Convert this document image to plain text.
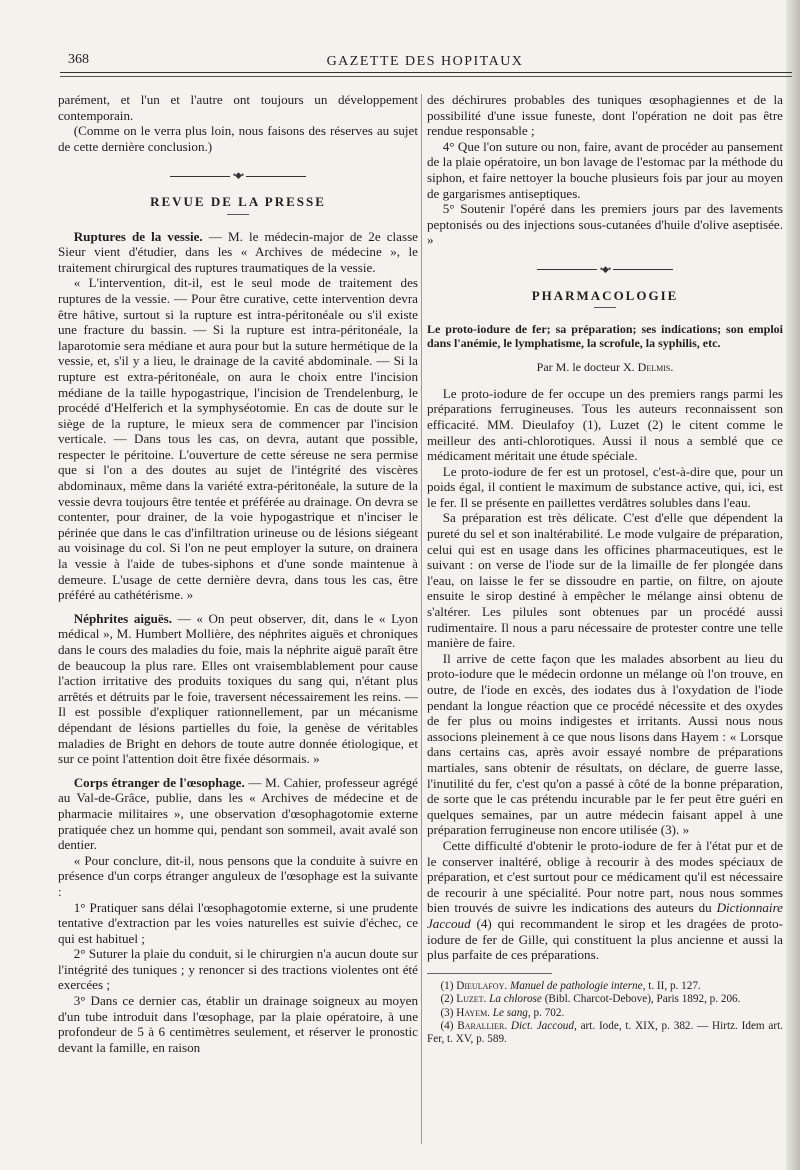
368	GAZETTE DES HOPITAUX

parément, et l'un et l'autre ont toujours un développement contemporain.

(Comme on le verra plus loin, nous faisons des réserves au sujet de cette dernière conclusion.)

•◆•
REVUE DE LA PRESSE

Ruptures de la vessie. — M. le médecin-major de 2e classe Sieur vient d'étudier, dans les « Archives de médecine », le traitement chirurgical des ruptures traumatiques de la vessie.

« L'intervention, dit-il, est le seul mode de traitement des ruptures de la vessie. — Pour être curative, cette intervention devra être hâtive, surtout si la rupture est intra-péritonéale ou s'il existe une fracture du bassin. — Si la rupture est intra-péritonéale, la laparotomie sera médiane et aura pour but la suture hermétique de la vessie, et, s'il y a lieu, le drainage de la cavité abdominale. — Si la rupture est extra-péritonéale, on aura le choix entre l'incision médiane de la taille hypogastrique, l'incision de Trendelenburg, le procédé d'Helferich et la symphyséotomie. En cas de doute sur le siège de la rupture, le mieux sera de commencer par l'incision verticale. — Dans tous les cas, on devra, autant que possible, respecter le péritoine. L'ouverture de cette séreuse ne sera permise que si l'on a des doutes au sujet de l'intégrité des viscères abdominaux, même dans la variété extra-péritonéale, la suture de la vessie devra toujours être tentée et préférée au drainage. On devra se contenter, pour drainer, de la voie hypogastrique et n'inciser le périnée que dans le cas d'infiltration urineuse ou de lésions siégeant au voisinage du col. Si l'on ne peut employer la suture, on drainera la vessie à l'aide de tubes-siphons et d'une sonde maintenue à demeure. L'usage de cette dernière devra, dans tous les cas, être préféré au cathétérisme. »

Néphrites aiguës. — « On peut observer, dit, dans le « Lyon médical », M. Humbert Mollière, des néphrites aiguës et chroniques dans le cours des maladies du foie, mais la néphrite aiguë paraît être de beaucoup la plus rare. Elles ont vraisemblablement pour cause l'action irritative des produits toxiques du sang qui, n'étant plus arrêtés et détruits par le foie, traversent nécessairement les reins. — Il est possible d'expliquer rationnellement, par un mécanisme dépendant de lésions partielles du foie, la genèse de véritables maladies de Bright en dehors de toute autre donnée étiologique, et sur ce point l'attention doit être fixée désormais. »

Corps étranger de l'œsophage. — M. Cahier, professeur agrégé au Val-de-Grâce, publie, dans les « Archives de médecine et de pharmacie militaires », une observation d'œsophagotomie externe pratiquée chez un homme qui, pendant son sommeil, avait avalé son dentier.

« Pour conclure, dit-il, nous pensons que la conduite à suivre en présence d'un corps étranger anguleux de l'œsophage est la suivante :

1° Pratiquer sans délai l'œsophagotomie externe, si une prudente tentative d'extraction par les voies naturelles est suivie d'échec, ce qui est habituel ;

2° Suturer la plaie du conduit, si le chirurgien n'a aucun doute sur l'intégrité des tuniques ; y renoncer si des tractions violentes ont été exercées ;

3° Dans ce dernier cas, établir un drainage soigneux au moyen d'un tube introduit dans l'œsophage, par la plaie opératoire, à une profondeur de 5 à 6 centimètres seulement, et réserver le pronostic devant la famille, en raison

des déchirures probables des tuniques œsophagiennes et de la possibilité d'une issue funeste, dont l'opération ne doit pas être rendue responsable ;

4° Que l'on suture ou non, faire, avant de procéder au pansement de la plaie opératoire, un bon lavage de l'estomac par la méthode du siphon, et faire nettoyer la bouche plusieurs fois par jour au moyen de gargarismes antiseptiques.

5° Soutenir l'opéré dans les premiers jours par des lavements peptonisés ou des injections sous-cutanées d'huile d'olive aseptisée. »

•◆•
PHARMACOLOGIE
Le proto-iodure de fer; sa préparation; ses indications; son emploi dans l'anémie, le lymphatisme, la scrofule, la syphilis, etc.
Par M. le docteur X. Delmis.

Le proto-iodure de fer occupe un des premiers rangs parmi les préparations ferrugineuses. Tous les auteurs reconnaissent son efficacité. MM. Dieulafoy (1), Luzet (2) le citent comme le meilleur des anti-chlorotiques. Aussi il nous a semblé que ce médicament méritait une étude spéciale.

Le proto-iodure de fer est un protosel, c'est-à-dire que, pour un poids égal, il contient le maximum de substance active, qui, ici, est le fer. Il se présente en paillettes verdâtres solubles dans l'eau.

Sa préparation est très délicate. C'est d'elle que dépendent la pureté du sel et son inaltérabilité. Le mode vulgaire de préparation, celui qui est en usage dans les officines pharmaceutiques, est le suivant : on verse de l'iode sur de la limaille de fer plongée dans l'eau, on laisse le fer se dissoudre en partie, on filtre, on ajoute ensuite le sirop destiné à empêcher le mélange ainsi obtenu de s'altérer. Les pilules sont obtenues par un procédé aussi rudimentaire. Il nous a paru nécessaire de protester contre une telle manière de faire.

Il arrive de cette façon que les malades absorbent au lieu du proto-iodure que le médecin ordonne un mélange où l'on trouve, en outre, de l'iode en excès, des iodates dus à l'oxydation de l'iode pendant la longue réaction que ce procédé nécessite et des oxydes de fer plus ou moins indigestes et irritants. Aussi nous nous associons pleinement à ce que nous lisons dans Hayem : « Lorsque dans certains cas, après avoir essayé nombre de préparations martiales, sans obtenir de résultats, on déclare, de guerre lasse, l'inutilité du fer, c'est qu'on a passé à côté de la bonne préparation, de sorte que le cas prétendu incurable par le fer peut être guéri en quelques semaines, par un autre médecin faisant appel à une préparation ferrugineuse non encore utilisée (3). »

Cette difficulté d'obtenir le proto-iodure de fer à l'état pur et de le conserver inaltéré, oblige à recourir à des modes spéciaux de préparation, et c'est surtout pour ce médicament qu'il est nécessaire de recourir à une spécialité. Pour notre part, nous nous sommes bien trouvés de suivre les indications des auteurs du Dictionnaire Jaccoud (4) qui recommandent le sirop et les dragées de proto-iodure de fer de Gille, qui constituent la plus ancienne et aussi la plus parfaite de ces préparations.

(1) Dieulafoy. Manuel de pathologie interne, t. II, p. 127.
(2) Luzet. La chlorose (Bibl. Charcot-Debove), Paris 1892, p. 206.
(3) Hayem. Le sang, p. 702.
(4) Barallier. Dict. Jaccoud, art. Iode, t. XIX, p. 382. — Hirtz. Idem art. Fer, t. XV, p. 589.
